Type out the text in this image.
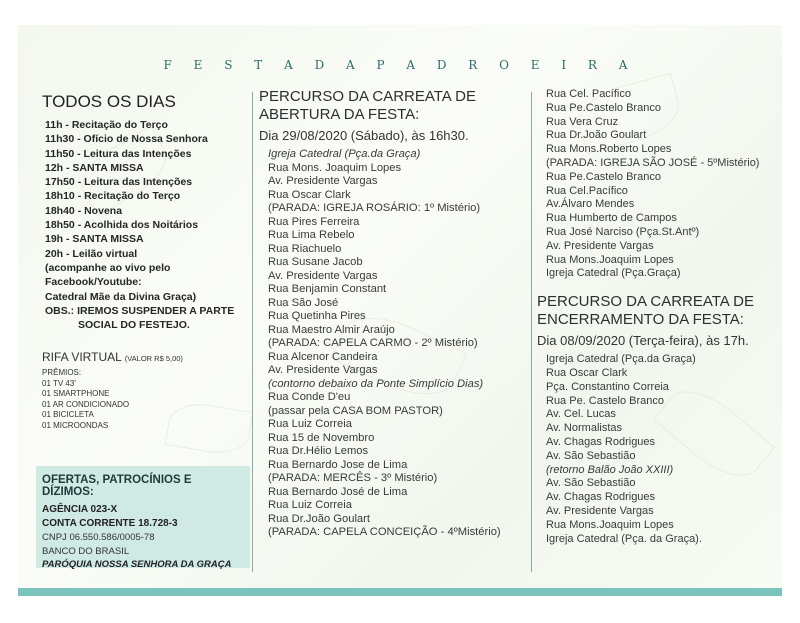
F E S T A D A P A D R O E I R A
TODOS OS DIAS
11h - Recitação do Terço
11h30 - Ofício de Nossa Senhora
11h50 - Leitura das Intenções
12h - SANTA MISSA
17h50 - Leitura das Intenções
18h10 - Recitação do Terço
18h40 - Novena
18h50 - Acolhida dos Noitários
19h - SANTA MISSA
20h - Leilão virtual
(acompanhe ao vivo pelo
Facebook/Youtube:
Catedral Mãe da Divina Graça)
OBS.: IREMOS SUSPENDER A PARTE
SOCIAL DO FESTEJO.
RIFA VIRTUAL (VALOR R$ 5,00)
PRÊMIOS:
01 TV 43'
01 SMARTPHONE
01 AR CONDICIONADO
01 BICICLETA
01 MICROONDAS
OFERTAS, PATROCÍNIOS E DÍZIMOS:
AGÊNCIA 023-X
CONTA CORRENTE 18.728-3
CNPJ 06.550.586/0005-78
BANCO DO BRASIL
PARÓQUIA NOSSA SENHORA DA GRAÇA
PERCURSO DA CARREATA DE
ABERTURA DA FESTA:
Dia 29/08/2020 (Sábado), às 16h30.
Igreja Catedral (Pça.da Graça)
Rua Mons. Joaquim Lopes
Av. Presidente Vargas
Rua Oscar Clark
(PARADA: IGREJA ROSÁRIO: 1º Mistério)
Rua Pires Ferreira
Rua Lima Rebelo
Rua Riachuelo
Rua Susane Jacob
Av. Presidente Vargas
Rua Benjamin Constant
Rua São José
Rua Quetinha Pires
Rua Maestro Almir Araújo
(PARADA: CAPELA CARMO - 2º Mistério)
Rua Alcenor Candeira
Av. Presidente Vargas
(contorno debaixo da Ponte Simplício Dias)
Rua Conde D'eu
(passar pela CASA BOM PASTOR)
Rua Luiz Correia
Rua 15 de Novembro
Rua Dr.Hélio Lemos
Rua Bernardo Jose de Lima
(PARADA: MERCÊS - 3º Mistério)
Rua Bernardo José de Lima
Rua Luiz Correia
Rua Dr.João Goulart
(PARADA: CAPELA CONCEIÇÃO - 4ºMistério)
Rua Cel. Pacífico
Rua Pe.Castelo Branco
Rua Vera Cruz
Rua Dr.João Goulart
Rua Mons.Roberto Lopes
(PARADA: IGREJA SÃO JOSÉ - 5ºMistério)
Rua Pe.Castelo Branco
Rua Cel.Pacífico
Av.Álvaro Mendes
Rua Humberto de Campos
Rua José Narciso (Pça.St.Antº)
Av. Presidente Vargas
Rua Mons.Joaquim Lopes
Igreja Catedral (Pça.Graça)
PERCURSO DA CARREATA DE
ENCERRAMENTO DA FESTA:
Dia 08/09/2020 (Terça-feira), às 17h.
Igreja Catedral (Pça.da Graça)
Rua Oscar Clark
Pça. Constantino Correia
Rua Pe. Castelo Branco
Av. Cel. Lucas
Av. Normalistas
Av. Chagas Rodrigues
Av. São Sebastião
(retorno Balão João XXIII)
Av. São Sebastião
Av. Chagas Rodrigues
Av. Presidente Vargas
Rua Mons.Joaquim Lopes
Igreja Catedral (Pça. da Graça).
